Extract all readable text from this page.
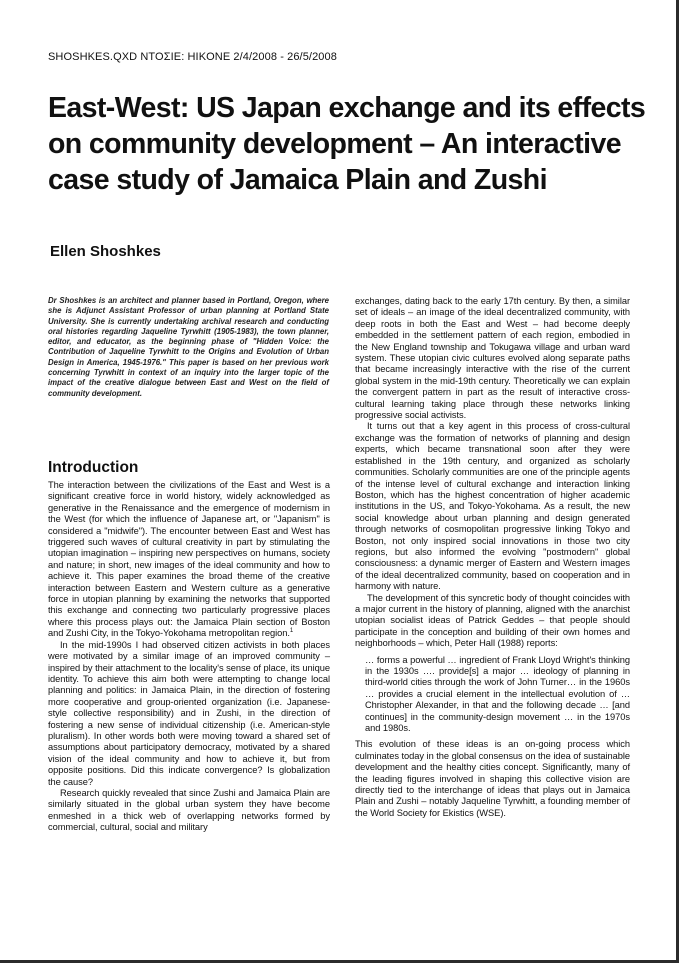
SHOSHKES.QXD ΝΤΟΣΙΕ: HIKONE 2/4/2008 - 26/5/2008
East-West: US Japan exchange and its effects on community development – An interactive case study of Jamaica Plain and Zushi
Ellen Shoshkes

Dr Shoshkes is an architect and planner based in Portland, Oregon, where she is Adjunct Assistant Professor of urban planning at Portland State University. She is currently undertaking archival research and conducting oral histories regarding Jaqueline Tyrwhitt (1905-1983), the town planner, editor, and educator, as the beginning phase of "Hidden Voice: the Contribution of Jaqueline Tyrwhitt to the Origins and Evolution of Urban Design in America, 1945-1976." This paper is based on her previous work concerning Tyrwhitt in context of an inquiry into the larger topic of the impact of the creative dialogue between East and West on the field of community development.

Introduction

The interaction between the civilizations of the East and West is a significant creative force in world history, widely acknowledged as generative in the Renaissance and the emergence of modernism in the West (for which the influence of Japanese art, or "Japanism" is considered a "midwife"). The encounter between East and West has triggered such waves of cultural creativity in part by stimulating the utopian imagination – inspiring new perspectives on humans, society and nature; in short, new images of the ideal community and how to achieve it. This paper examines the broad theme of the creative interaction between Eastern and Western culture as a generative force in utopian planning by examining the networks that supported this exchange and connecting two particularly progressive places where this process plays out: the Jamaica Plain section of Boston and Zushi City, in the Tokyo-Yokohama metropolitan region.$^1$

In the mid-1990s I had observed citizen activists in both places were motivated by a similar image of an improved community – inspired by their attachment to the locality's sense of place, its unique identity. To achieve this aim both were attempting to change local planning and politics: in Jamaica Plain, in the direction of fostering more cooperative and group-oriented organization (i.e. Japanese-style collective responsibility) and in Zushi, in the direction of fostering a new sense of individual citizenship (i.e. American-style pluralism). In other words both were moving toward a shared set of assumptions about participatory democracy, motivated by a shared vision of the ideal community and how to achieve it, but from opposite positions. Did this indicate convergence? Is globalization the cause?

Research quickly revealed that since Zushi and Jamaica Plain are similarly situated in the global urban system they have become enmeshed in a thick web of overlapping networks formed by commercial, cultural, social and military

exchanges, dating back to the early 17th century. By then, a similar set of ideals – an image of the ideal decentralized community, with deep roots in both the East and West – had become deeply embedded in the settlement pattern of each region, embodied in the New England township and Tokugawa village and urban ward system. These utopian civic cultures evolved along separate paths that became increasingly interactive with the rise of the current global system in the mid-19th century. Theoretically we can explain the convergent pattern in part as the result of interactive cross-cultural learning taking place through these networks linking progressive social activists.

It turns out that a key agent in this process of cross-cultural exchange was the formation of networks of planning and design experts, which became transnational soon after they were established in the 19th century, and organized as scholarly communities. Scholarly communities are one of the principle agents of the intense level of cultural exchange and interaction linking Boston, which has the highest concentration of higher academic institutions in the US, and Tokyo-Yokohama. As a result, the new social knowledge about urban planning and design generated through networks of cosmopolitan progressive linking Tokyo and Boston, not only inspired social innovations in those two city regions, but also informed the evolving "postmodern" global consciousness: a dynamic merger of Eastern and Western images of the ideal decentralized community, based on cooperation and in harmony with nature.

The development of this syncretic body of thought coincides with a major current in the history of planning, aligned with the anarchist utopian socialist ideas of Patrick Geddes – that people should participate in the conception and building of their own homes and neighborhoods – which, Peter Hall (1988) reports:

… forms a powerful … ingredient of Frank Lloyd Wright's thinking in the 1930s …. provide[s] a major … ideology of planning in third-world cities through the work of John Turner… in the 1960s … provides a crucial element in the intellectual evolution of … Christopher Alexander, in that and the following decade … [and continues] in the community-design movement … in the 1970s and 1980s.

This evolution of these ideas is an on-going process which culminates today in the global consensus on the idea of sustainable development and the healthy cities concept. Significantly, many of the leading figures involved in shaping this collective vision are directly tied to the interchange of ideas that plays out in Jamaica Plain and Zushi – notably Jaqueline Tyrwhitt, a founding member of the World Society for Ekistics (WSE).
